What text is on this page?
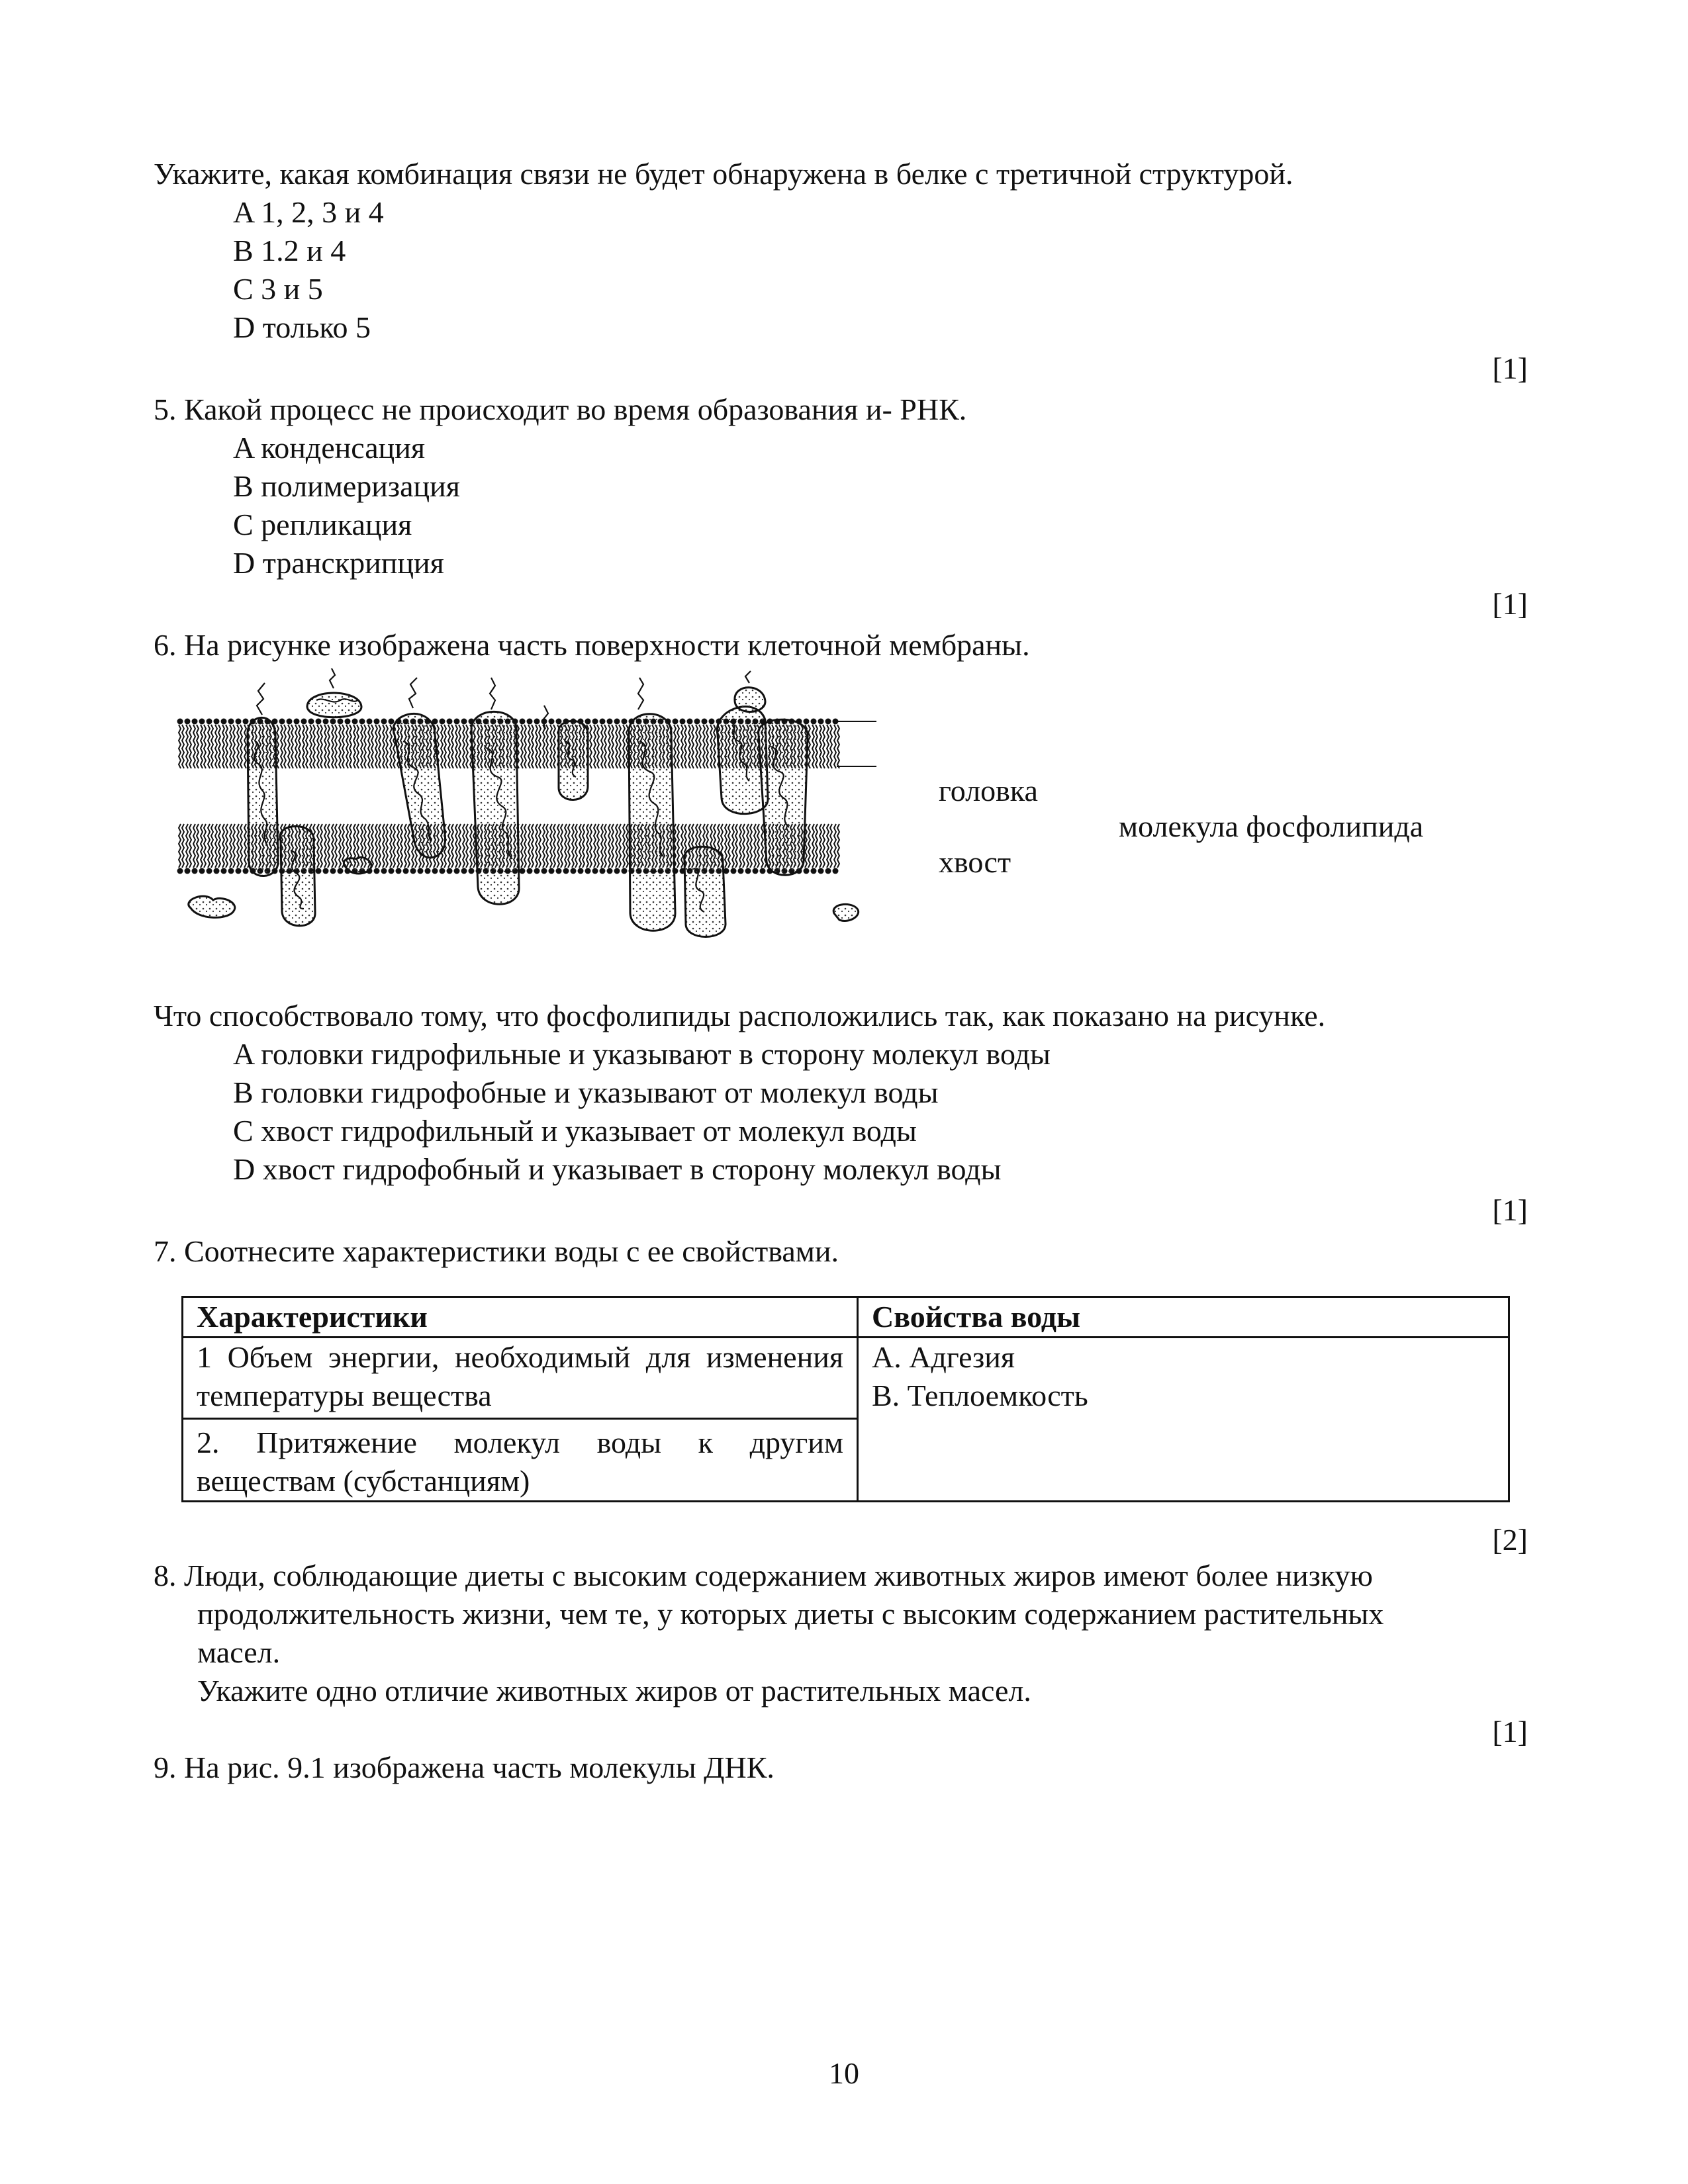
Укажите, какая комбинация связи не будет обнаружена в белке с третичной структурой.
A 1, 2, 3 и 4
B 1.2 и 4
C 3 и 5
D только 5
[1]
5. Какой процесс не происходит во время образования и- РНК.
A конденсация
B полимеризация
C репликация
D транскрипция
[1]
6. На рисунке изображена часть поверхности клеточной мембраны.
головка
молекула фосфолипида
хвост
Что способствовало тому, что фосфолипиды расположились так, как показано на рисунке.
A головки гидрофильные и указывают в сторону молекул воды
B головки гидрофобные и указывают от молекул воды
C хвост гидрофильный и указывает от молекул воды
D хвост гидрофобный и указывает в сторону молекул воды
[1]
7. Соотнесите характеристики воды с ее свойствами.
Характеристики	Свойства воды
1 Объем энергии, необходимый для изменения температуры вещества	A. Адгезия
B. Теплоемкость

2. Притяжение молекул воды к другим веществам (субстанциям)	
[2]
8. Люди, соблюдающие диеты с высоким содержанием животных жиров имеют более низкую
продолжительность жизни, чем те, у которых диеты с высоким содержанием растительных
масел.
Укажите одно отличие животных жиров от растительных масел.
[1]
9. На рис. 9.1 изображена часть молекулы ДНК.
10
